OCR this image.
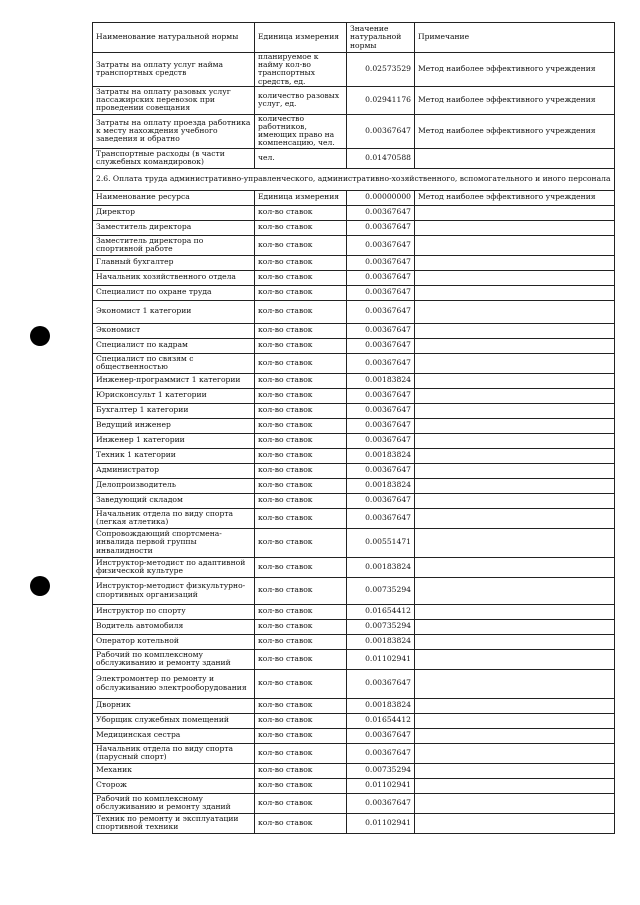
Наименование натуральной нормы	Единица измерения	Значение натуральной нормы	Примечание
Затраты на оплату услуг найма транспортных средств	планируемое к найму кол-во транспортных средств, ед.	0.02573529	Метод наиболее эффективного учреждения
Затраты на оплату разовых услуг пассажирских перевозок при проведении совещания	количество разовых услуг, ед.	0.02941176	Метод наиболее эффективного учреждения
Затраты на оплату проезда работника к месту нахождения учебного заведения и обратно	количество работников, имеющих право на компенсацию, чел.	0.00367647	Метод наиболее эффективного учреждения
Транспортные расходы (в части служебных командировок)	чел.	0.01470588	
2.6. Оплата труда административно-управленческого, административно-хозяйственного, вспомогательного и иного персонала			
Наименование ресурса	Единица измерения	0.00000000	Метод наиболее эффективного учреждения
Директор	кол-во ставок	0.00367647	
Заместитель директора	кол-во ставок	0.00367647	
Заместитель директора по спортивной работе	кол-во ставок	0.00367647	
Главный бухгалтер	кол-во ставок	0.00367647	
Начальник хозяйственного отдела	кол-во ставок	0.00367647	
Специалист по охране труда	кол-во ставок	0.00367647	
Экономист 1 категории	кол-во ставок	0.00367647	
Экономист	кол-во ставок	0.00367647	
Специалист по кадрам	кол-во ставок	0.00367647	
Специалист по связям с общественностью	кол-во ставок	0.00367647	
Инженер-программист 1 категории	кол-во ставок	0.00183824	
Юрисконсульт 1 категории	кол-во ставок	0.00367647	
Бухгалтер 1 категории	кол-во ставок	0.00367647	
Ведущий инженер	кол-во ставок	0.00367647	
Инженер 1 категории	кол-во ставок	0.00367647	
Техник 1 категории	кол-во ставок	0.00183824	
Администратор	кол-во ставок	0.00367647	
Делопроизводитель	кол-во ставок	0.00183824	
Заведующий складом	кол-во ставок	0.00367647	
Начальник отдела по виду спорта (легкая атлетика)	кол-во ставок	0.00367647	
Сопровождающий спортсмена-инвалида первой группы инвалидности	кол-во ставок	0.00551471	
Инструктор-методист по адаптивной физической культуре	кол-во ставок	0.00183824	
Инструктор-методист физкультурно-спортивных организаций	кол-во ставок	0.00735294	
Инструктор по спорту	кол-во ставок	0.01654412	
Водитель автомобиля	кол-во ставок	0.00735294	
Оператор котельной	кол-во ставок	0.00183824	
Рабочий по комплексному обслуживанию и ремонту зданий	кол-во ставок	0.01102941	
Электромонтер по ремонту и обслуживанию электрооборудования	кол-во ставок	0.00367647	
Дворник	кол-во ставок	0.00183824	
Уборщик служебных помещений	кол-во ставок	0.01654412	
Медицинская сестра	кол-во ставок	0.00367647	
Начальник отдела по виду спорта (парусный спорт)	кол-во ставок	0.00367647	
Механик	кол-во ставок	0.00735294	
Сторож	кол-во ставок	0.01102941	
Рабочий по комплексному обслуживанию и ремонту зданий	кол-во ставок	0.00367647	
Техник по ремонту и эксплуатации спортивной техники	кол-во ставок	0.01102941	
